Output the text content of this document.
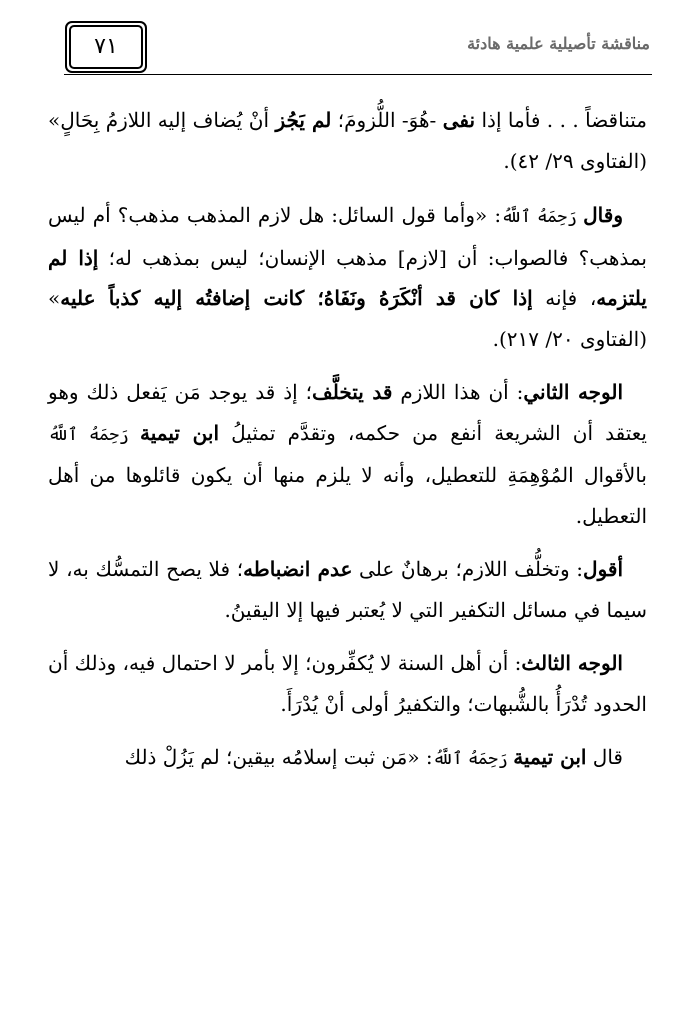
٧١	مناقشة تأصيلية علمية هادئة

متناقضاً . . . فأما إذا نفى -هُوَ- اللُّزومَ؛ لم يَجُز أنْ يُضاف إليه اللازمُ بِحَالٍ» (الفتاوى ٢٩/ ٤٢).

وقال رَحِمَهُ ٱللَّهُ: «وأما قول السائل: هل لازم المذهب مذهب؟ أم ليس بمذهب؟ فالصواب: أن [لازم] مذهب الإنسان؛ ليس بمذهب له؛ إذا لم يلتزمه، فإنه إذا كان قد أنْكَرَهُ ونَفَاهُ؛ كانت إضافتُه إليه كذباً عليه» (الفتاوى ٢٠/ ٢١٧).

الوجه الثاني: أن هذا اللازم قد يتخلَّف؛ إذ قد يوجد مَن يَفعل ذلك وهو يعتقد أن الشريعة أنفع من حكمه، وتقدَّم تمثيلُ ابن تيمية رَحِمَهُ ٱللَّهُ بالأقوال المُوْهِمَةِ للتعطيل، وأنه لا يلزم منها أن يكون قائلوها من أهل التعطيل.

أقول: وتخلُّف اللازم؛ برهانٌ على عدم انضباطه؛ فلا يصح التمسُّك به، لا سيما في مسائل التكفير التي لا يُعتبر فيها إلا اليقينُ.

الوجه الثالث: أن أهل السنة لا يُكفِّرون؛ إلا بأمر لا احتمال فيه، وذلك أن الحدود تُدْرَأُ بالشُّبهات؛ والتكفيرُ أولى أنْ يُدْرَأَ.

قال ابن تيمية رَحِمَهُ ٱللَّهُ: «مَن ثبت إسلامُه بيقين؛ لم يَزُلْ ذلك
